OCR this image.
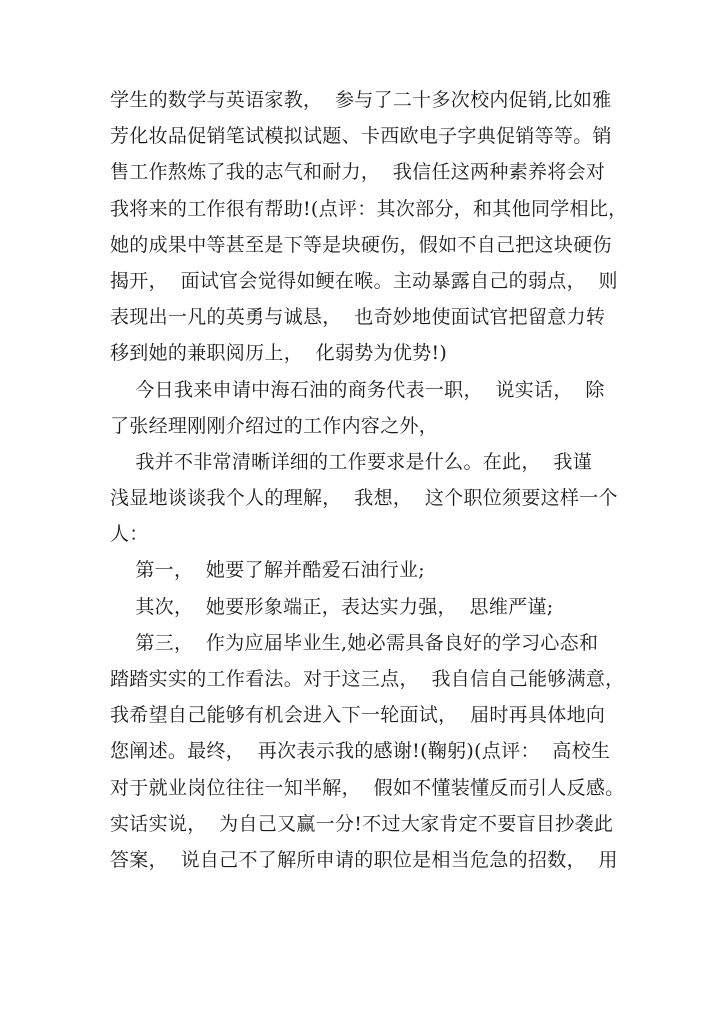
学生的数学与英语家教，  参与了二十多次校内促销,比如雅
芳化妆品促销笔试模拟试题、卡西欧电子字典促销等等。销
售工作熬炼了我的志气和耐力，  我信任这两种素养将会对
我将来的工作很有帮助!(点评：其次部分，和其他同学相比，
她的成果中等甚至是下等是块硬伤，假如不自己把这块硬伤
揭开，  面试官会觉得如鲠在喉。主动暴露自己的弱点，  则
表现出一凡的英勇与诚恳，  也奇妙地使面试官把留意力转
移到她的兼职阅历上，  化弱势为优势!)
今日我来申请中海石油的商务代表一职，  说实话，  除
了张经理刚刚介绍过的工作内容之外，
我并不非常清晰详细的工作要求是什么。在此，  我谨
浅显地谈谈我个人的理解，  我想，  这个职位须要这样一个
人：
第一，  她要了解并酷爱石油行业;
其次，  她要形象端正，表达实力强，  思维严谨;
第三，  作为应届毕业生,她必需具备良好的学习心态和
踏踏实实的工作看法。对于这三点，  我自信自己能够满意，
我希望自己能够有机会进入下一轮面试，  届时再具体地向
您阐述。最终，  再次表示我的感谢!(鞠躬)(点评：  高校生
对于就业岗位往往一知半解，  假如不懂装懂反而引人反感。
实话实说，  为自己又赢一分!不过大家肯定不要盲目抄袭此
答案，  说自己不了解所申请的职位是相当危急的招数，  用
